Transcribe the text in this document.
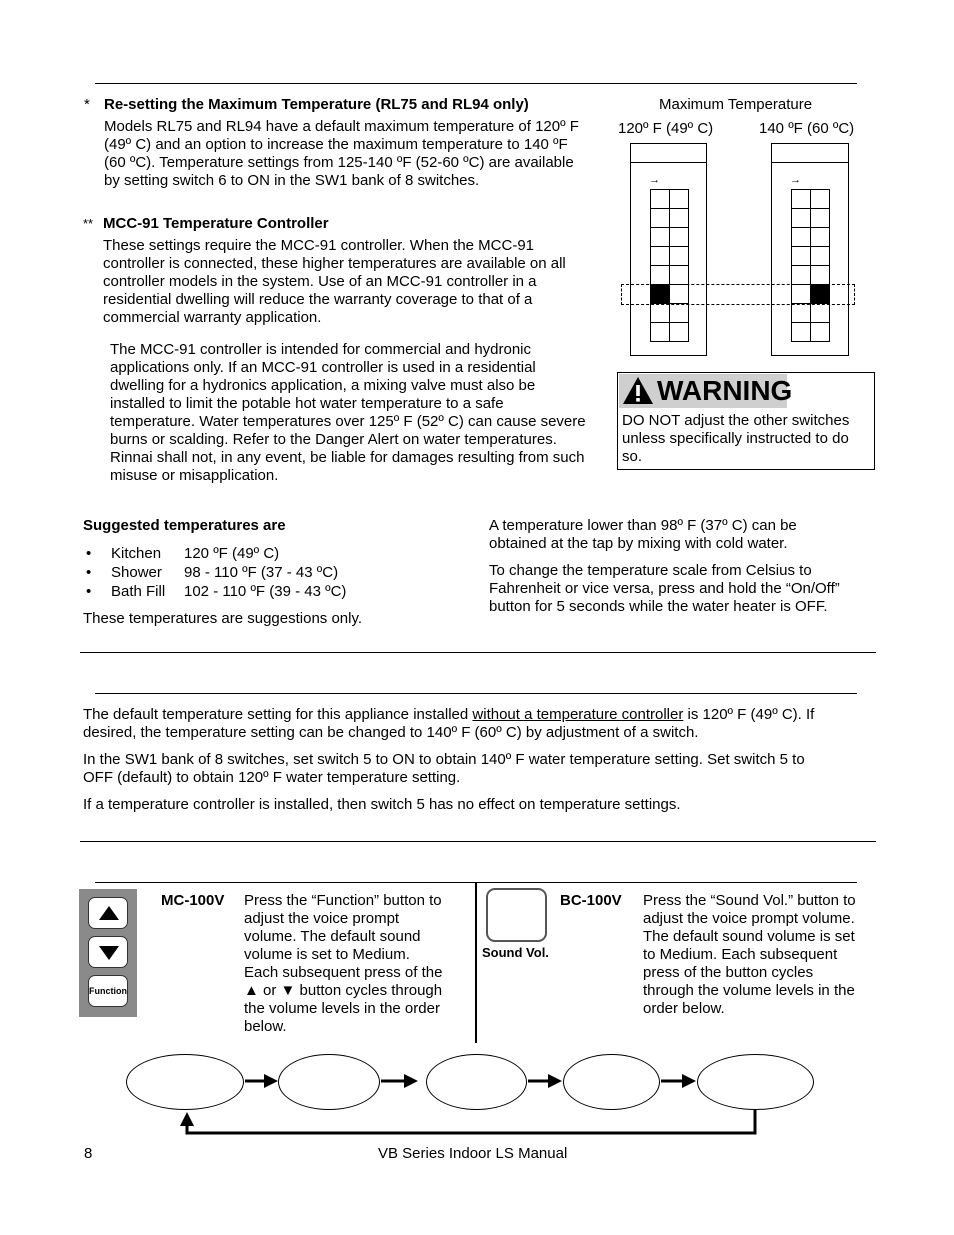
* Re-setting the Maximum Temperature (RL75 and RL94 only)

Models RL75 and RL94 have a default maximum temperature of 120º F

(49º C) and an option to increase the maximum temperature to 140 ºF

(60 ºC). Temperature settings from 125-140 ºF (52-60 ºC) are available

by setting switch 6 to ON in the SW1 bank of 8 switches.

** MCC-91 Temperature Controller

These settings require the MCC-91 controller. When the MCC-91

controller is connected, these higher temperatures are available on all

controller models in the system. Use of an MCC-91 controller in a

residential dwelling will reduce the warranty coverage to that of a

commercial warranty application.

The MCC-91 controller is intended for commercial and hydronic

applications only. If an MCC-91 controller is used in a residential

dwelling for a hydronics application, a mixing valve must also be

installed to limit the potable hot water temperature to a safe

temperature. Water temperatures over 125º F (52º C) can cause severe

burns or scalding. Refer to the Danger Alert on water temperatures.

Rinnai shall not, in any event, be liable for damages resulting from such

misuse or misapplication.

Maximum Temperature
120º F (49º C)	140 ºF (60 ºC)
→

		→

WARNING

DO NOT adjust the other switches

unless specifically instructed to do

so.

Suggested temperatures are
• Kitchen 120 ºF (49º C)
• Shower 98 - 110 ºF (37 - 43 ºC)
• Bath Fill 102 - 110 ºF (39 - 43 ºC)
These temperatures are suggestions only.

A temperature lower than 98º F (37º C) can be

obtained at the tap by mixing with cold water.

To change the temperature scale from Celsius to

Fahrenheit or vice versa, press and hold the “On/Off”

button for 5 seconds while the water heater is OFF.

The default temperature setting for this appliance installed without a temperature controller is 120º F (49º C). If

desired, the temperature setting can be changed to 140º F (60º C) by adjustment of a switch.

In the SW1 bank of 8 switches, set switch 5 to ON to obtain 140º F water temperature setting. Set switch 5 to

OFF (default) to obtain 120º F water temperature setting.

If a temperature controller is installed, then switch 5 has no effect on temperature settings.

Function
MC-100V Press the “Function” button to

adjust the voice prompt

volume. The default sound

volume is set to Medium.

Each subsequent press of the

▲ or ▼ button cycles through

the volume levels in the order

below.

Sound Vol.
BC-100V Press the “Sound Vol.” button to

adjust the voice prompt volume.

The default sound volume is set

to Medium. Each subsequent

press of the button cycles

through the volume levels in the

order below.

8	VB Series Indoor LS Manual
